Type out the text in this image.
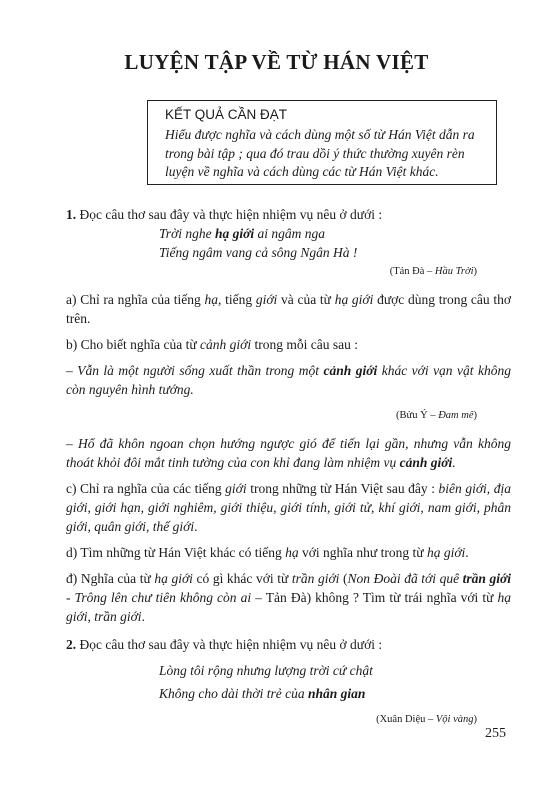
LUYỆN TẬP VỀ TỪ HÁN VIỆT
KẾT QUẢ CẦN ĐẠT
Hiểu được nghĩa và cách dùng một số từ Hán Việt dẫn ra
trong bài tập ; qua đó trau dồi ý thức thường xuyên rèn
luyện về nghĩa và cách dùng các từ Hán Việt khác.

1. Đọc câu thơ sau đây và thực hiện nhiệm vụ nêu ở dưới :

Trời nghe hạ giới ai ngâm nga
Tiếng ngâm vang cả sông Ngân Hà !
(Tản Đà – Hầu Trời)

a) Chỉ ra nghĩa của tiếng hạ, tiếng giới và của từ hạ giới được dùng trong câu thơ trên.

b) Cho biết nghĩa của từ cảnh giới trong mỗi câu sau :

– Vẫn là một người sống xuất thần trong một cảnh giới khác với vạn vật không còn nguyên hình tướng.

(Bửu Ý – Đam mê)

– Hổ đã khôn ngoan chọn hướng ngược gió để tiến lại gần, nhưng vẫn không thoát khỏi đôi mắt tinh tường của con khỉ đang làm nhiệm vụ cảnh giới.

c) Chỉ ra nghĩa của các tiếng giới trong những từ Hán Việt sau đây : biên giới, địa giới, giới hạn, giới nghiêm, giới thiệu, giới tính, giới tử, khí giới, nam giới, phân giới, quân giới, thế giới.

d) Tìm những từ Hán Việt khác có tiếng hạ với nghĩa như trong từ hạ giới.

đ) Nghĩa của từ hạ giới có gì khác với từ trần giới (Non Đoài đã tới quê trần giới - Trông lên chư tiên không còn ai – Tản Đà) không ? Tìm từ trái nghĩa với từ hạ giới, trần giới.

2. Đọc câu thơ sau đây và thực hiện nhiệm vụ nêu ở dưới :

Lòng tôi rộng nhưng lượng trời cứ chật
Không cho dài thời trẻ của nhân gian
(Xuân Diệu – Vội vàng)
255
